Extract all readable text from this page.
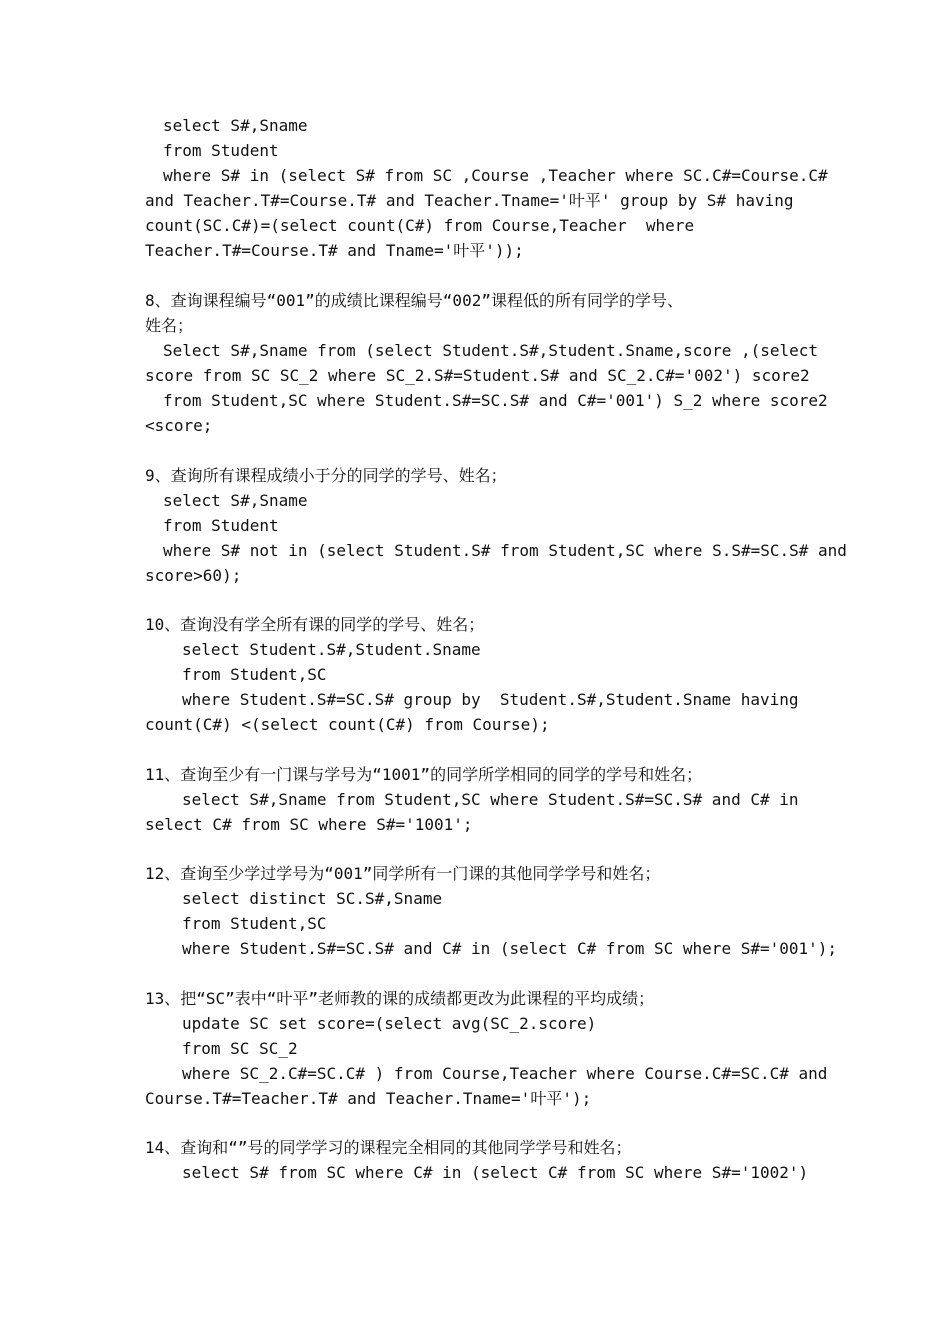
select S#,Sname
from Student
where S# in (select S# from SC ,Course ,Teacher where SC.C#=Course.C#
and Teacher.T#=Course.T# and Teacher.Tname='叶平' group by S# having
count(SC.C#)=(select count(C#) from Course,Teacher  where
Teacher.T#=Course.T# and Tname='叶平'));
8、查询课程编号“001”的成绩比课程编号“002”课程低的所有同学的学号、
姓名；
Select S#,Sname from (select Student.S#,Student.Sname,score ,(select
score from SC SC_2 where SC_2.S#=Student.S# and SC_2.C#='002') score2
from Student,SC where Student.S#=SC.S# and C#='001') S_2 where score2
<score;
9、查询所有课程成绩小于分的同学的学号、姓名；
select S#,Sname
from Student
where S# not in (select Student.S# from Student,SC where S.S#=SC.S# and
score>60);
10、查询没有学全所有课的同学的学号、姓名；
select Student.S#,Student.Sname
from Student,SC
where Student.S#=SC.S# group by  Student.S#,Student.Sname having
count(C#) <(select count(C#) from Course);
11、查询至少有一门课与学号为“1001”的同学所学相同的同学的学号和姓名；
select S#,Sname from Student,SC where Student.S#=SC.S# and C# in
select C# from SC where S#='1001';
12、查询至少学过学号为“001”同学所有一门课的其他同学学号和姓名；
select distinct SC.S#,Sname
from Student,SC
where Student.S#=SC.S# and C# in (select C# from SC where S#='001');
13、把“SC”表中“叶平”老师教的课的成绩都更改为此课程的平均成绩；
update SC set score=(select avg(SC_2.score)
from SC SC_2
where SC_2.C#=SC.C# ) from Course,Teacher where Course.C#=SC.C# and
Course.T#=Teacher.T# and Teacher.Tname='叶平');
14、查询和“”号的同学学习的课程完全相同的其他同学学号和姓名；
select S# from SC where C# in (select C# from SC where S#='1002')
